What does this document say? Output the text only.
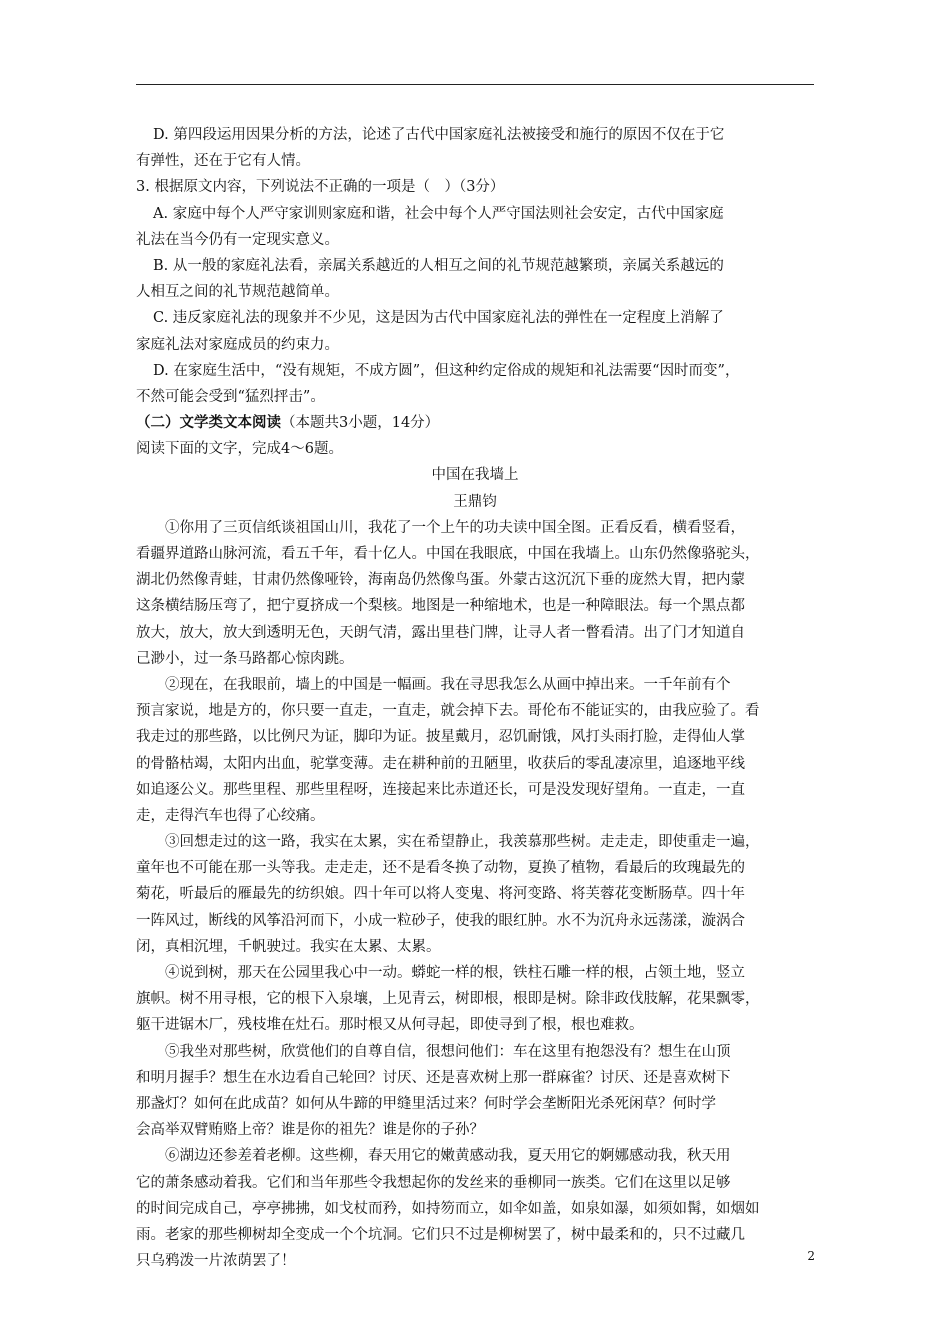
D. 第四段运用因果分析的方法，论述了古代中国家庭礼法被接受和施行的原因不仅在于它
有弹性，还在于它有人情。
3. 根据原文内容，下列说法不正确的一项是（　）（3分）
A. 家庭中每个人严守家训则家庭和谐，社会中每个人严守国法则社会安定，古代中国家庭
礼法在当今仍有一定现实意义。
B. 从一般的家庭礼法看，亲属关系越近的人相互之间的礼节规范越繁琐，亲属关系越远的
人相互之间的礼节规范越简单。
C. 违反家庭礼法的现象并不少见，这是因为古代中国家庭礼法的弹性在一定程度上消解了
家庭礼法对家庭成员的约束力。
D. 在家庭生活中，“没有规矩，不成方圆”，但这种约定俗成的规矩和礼法需要“因时而变”，
不然可能会受到“猛烈抨击”。
（二）文学类文本阅读（本题共3小题，14分）
阅读下面的文字，完成4～6题。
中国在我墙上
王鼎钧
①你用了三页信纸谈祖国山川，我花了一个上午的功夫读中国全图。正看反看，横看竖看，
看疆界道路山脉河流，看五千年，看十亿人。中国在我眼底，中国在我墙上。山东仍然像骆驼头，
湖北仍然像青蛙，甘肃仍然像哑铃，海南岛仍然像鸟蛋。外蒙古这沉沉下垂的庞然大胃，把内蒙
这条横结肠压弯了，把宁夏挤成一个梨核。地图是一种缩地术，也是一种障眼法。每一个黑点都
放大，放大，放大到透明无色，天朗气清，露出里巷门牌，让寻人者一瞥看清。出了门才知道自
己渺小，过一条马路都心惊肉跳。
②现在，在我眼前，墙上的中国是一幅画。我在寻思我怎么从画中掉出来。一千年前有个
预言家说，地是方的，你只要一直走，一直走，就会掉下去。哥伦布不能证实的，由我应验了。看
我走过的那些路，以比例尺为证，脚印为证。披星戴月，忍饥耐饿，风打头雨打脸，走得仙人掌
的骨骼枯竭，太阳内出血，驼掌变薄。走在耕种前的丑陋里，收获后的零乱凄凉里，追逐地平线
如追逐公义。那些里程、那些里程呀，连接起来比赤道还长，可是没发现好望角。一直走，一直
走，走得汽车也得了心绞痛。
③回想走过的这一路，我实在太累，实在希望静止，我羡慕那些树。走走走，即使重走一遍，
童年也不可能在那一头等我。走走走，还不是看冬换了动物，夏换了植物，看最后的玫瑰最先的
菊花，听最后的雁最先的纺织娘。四十年可以将人变鬼、将河变路、将芙蓉花变断肠草。四十年
一阵风过，断线的风筝沿河而下，小成一粒砂子，使我的眼红肿。水不为沉舟永远荡漾，漩涡合
闭，真相沉埋，千帆驶过。我实在太累、太累。
④说到树，那天在公园里我心中一动。蟒蛇一样的根，铁柱石雕一样的根，占领土地，竖立
旗帜。树不用寻根，它的根下入泉壤，上见青云，树即根，根即是树。除非政伐肢解，花果飘零，
躯干进锯木厂，残枝堆在灶石。那时根又从何寻起，即使寻到了根，根也难救。
⑤我坐对那些树，欣赏他们的自尊自信，很想问他们：车在这里有抱怨没有？想生在山顶
和明月握手？想生在水边看自己轮回？讨厌、还是喜欢树上那一群麻雀？讨厌、还是喜欢树下
那盏灯？如何在此成苗？如何从牛蹄的甲缝里活过来？何时学会垄断阳光杀死闲草？何时学
会高举双臂贿赂上帝？谁是你的祖先？谁是你的子孙？
⑥湖边还参差着老柳。这些柳，春天用它的嫩黄感动我，夏天用它的婀娜感动我，秋天用
它的萧条感动着我。它们和当年那些令我想起你的发丝来的垂柳同一族类。它们在这里以足够
的时间完成自己，亭亭拂拂，如戈杖而矜，如持笏而立，如伞如盖，如泉如瀑，如须如髯，如烟如
雨。老家的那些柳树却全变成一个个坑洞。它们只不过是柳树罢了，树中最柔和的，只不过藏几
只乌鸦泼一片浓荫罢了！	2
